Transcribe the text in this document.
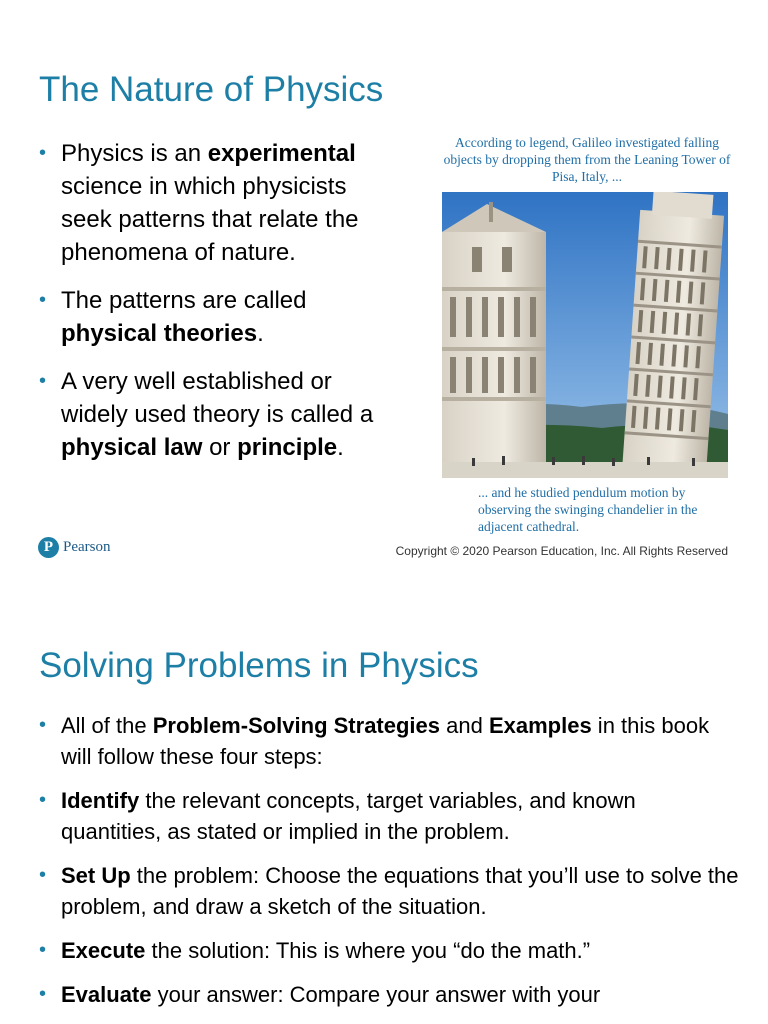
The Nature of Physics
• Physics is an experimental science in which physicists seek patterns that relate the phenomena of nature.
• The patterns are called physical theories.
• A very well established or widely used theory is called a physical law or principle.
According to legend, Galileo investigated falling objects by dropping them from the Leaning Tower of Pisa, Italy, ...
... and he studied pendulum motion by observing the swinging chandelier in the adjacent cathedral.
P Pearson	Copyright © 2020 Pearson Education, Inc. All Rights Reserved
Solving Problems in Physics
• All of the Problem-Solving Strategies and Examples in this book will follow these four steps:
• Identify the relevant concepts, target variables, and known quantities, as stated or implied in the problem.
• Set Up the problem: Choose the equations that you’ll use to solve the problem, and draw a sketch of the situation.
• Execute the solution: This is where you “do the math.”
• Evaluate your answer: Compare your answer with your
